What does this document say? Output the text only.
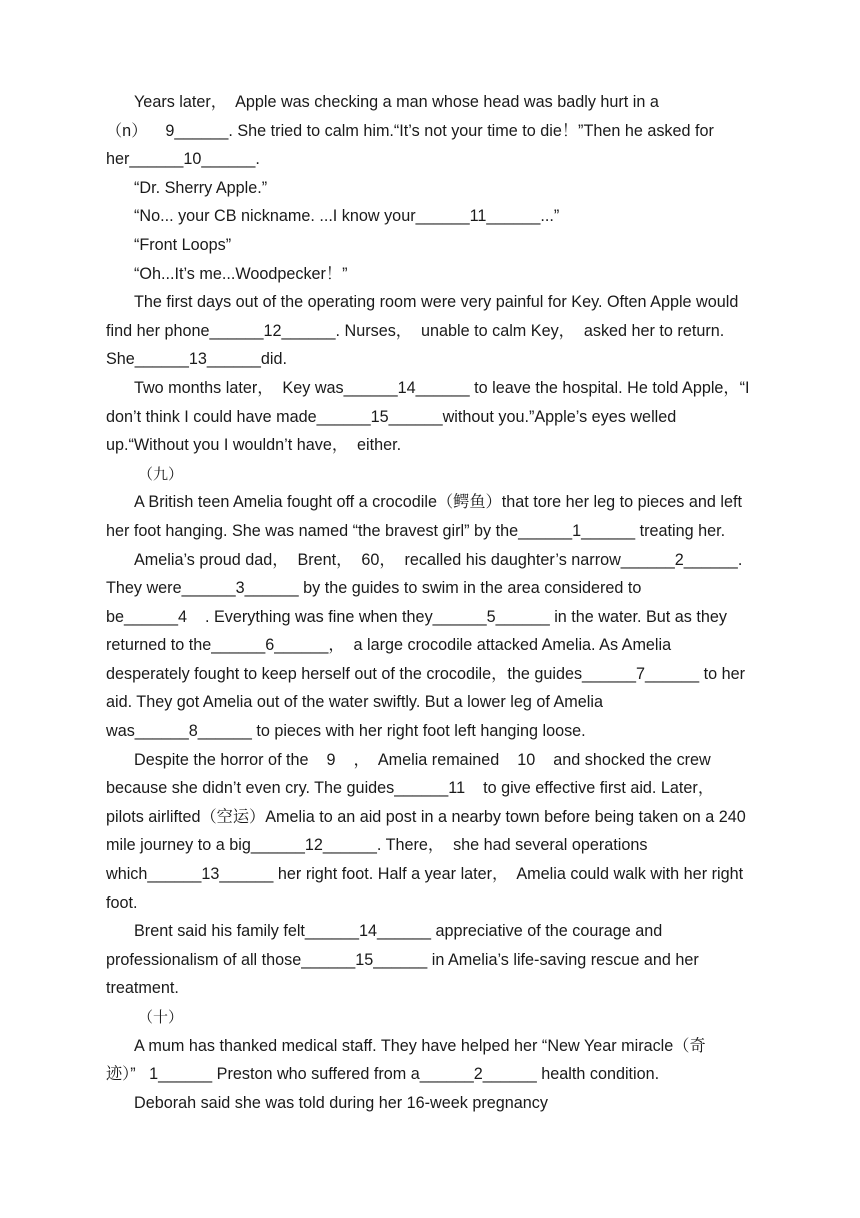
Years later，  Apple was checking a man whose head was badly hurt in a
（n）    9______. She tried to calm him.“It’s not your time to die！”Then he asked for
her______10______.
“Dr. Sherry Apple.”
“No... your CB nickname. ...I know your______11______...”
“Front Loops”
“Oh...It’s me...Woodpecker！”
The first days out of the operating room were very painful for Key. Often Apple would
find her phone______12______. Nurses，  unable to calm Key，  asked her to return.
She______13______did.
Two months later，  Key was______14______ to leave the hospital. He told Apple，“I
don’t think I could have made______15______without you.”Apple’s eyes welled
up.“Without you I wouldn’t have，  either.
（九）
A British teen Amelia fought off a crocodile（鳄鱼）that tore her leg to pieces and left
her foot hanging. She was named “the bravest girl” by the______1______ treating her.
Amelia’s proud dad，  Brent，  60，  recalled his daughter’s narrow______2______.
They were______3______ by the guides to swim in the area considered to
be______4    . Everything was fine when they______5______ in the water. But as they
returned to the______6______，  a large crocodile attacked Amelia. As Amelia
desperately fought to keep herself out of the crocodile，the guides______7______ to her
aid. They got Amelia out of the water swiftly. But a lower leg of Amelia
was______8______ to pieces with her right foot left hanging loose.
Despite the horror of the    9    ，  Amelia remained    10    and shocked the crew
because she didn’t even cry. The guides______11    to give effective first aid. Later，
pilots airlifted（空运）Amelia to an aid post in a nearby town before being taken on a 240
mile journey to a big______12______. There，  she had several operations
which______13______ her right foot. Half a year later，  Amelia could walk with her right
foot.
Brent said his family felt______14______ appreciative of the courage and
professionalism of all those______15______ in Amelia’s life-saving rescue and her
treatment.
（十）
A mum has thanked medical staff. They have helped her “New Year miracle（奇
迹）”   1______ Preston who suffered from a______2______ health condition.
Deborah said she was told during her 16-week pregnancy
